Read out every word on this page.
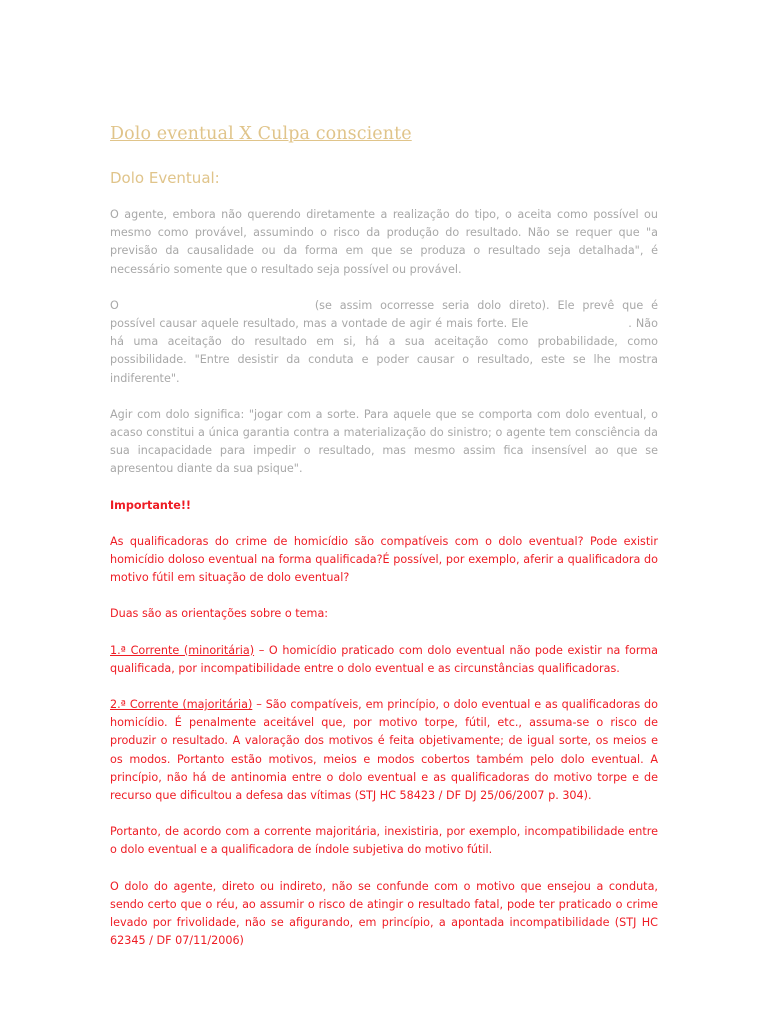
Dolo eventual X Culpa consciente
Dolo Eventual:

O agente, embora não querendo diretamente a realização do tipo, o aceita como possível ou mesmo como provável, assumindo o risco da produção do resultado. Não se requer que "a previsão da causalidade ou da forma em que se produza o resultado seja detalhada", é necessário somente que o resultado seja possível ou provável.

O	(se assim ocorresse seria dolo direto). Ele prevê que é possível causar aquele resultado, mas a vontade de agir é mais forte. Ele	. Não há uma aceitação do resultado em si, há a sua aceitação como probabilidade, como possibilidade. "Entre desistir da conduta e poder causar o resultado, este se lhe mostra indiferente".

Agir com dolo significa: "jogar com a sorte. Para aquele que se comporta com dolo eventual, o acaso constitui a única garantia contra a materialização do sinistro; o agente tem consciência da sua incapacidade para impedir o resultado, mas mesmo assim fica insensível ao que se apresentou diante da sua psique".

Importante!!

As qualificadoras do crime de homicídio são compatíveis com o dolo eventual? Pode existir homicídio doloso eventual na forma qualificada?É possível, por exemplo, aferir a qualificadora do motivo fútil em situação de dolo eventual?

Duas são as orientações sobre o tema:

1.ª Corrente (minoritária) – O homicídio praticado com dolo eventual não pode existir na forma qualificada, por incompatibilidade entre o dolo eventual e as circunstâncias qualificadoras.

2.ª Corrente (majoritária) – São compatíveis, em princípio, o dolo eventual e as qualificadoras do homicídio. É penalmente aceitável que, por motivo torpe, fútil, etc., assuma-se o risco de produzir o resultado. A valoração dos motivos é feita objetivamente; de igual sorte, os meios e os modos. Portanto estão motivos, meios e modos cobertos também pelo dolo eventual. A princípio, não há de antinomia entre o dolo eventual e as qualificadoras do motivo torpe e de recurso que dificultou a defesa das vítimas (STJ HC 58423 / DF DJ 25/06/2007 p. 304).

Portanto, de acordo com a corrente majoritária, inexistiria, por exemplo, incompatibilidade entre o dolo eventual e a qualificadora de índole subjetiva do motivo fútil.

O dolo do agente, direto ou indireto, não se confunde com o motivo que ensejou a conduta, sendo certo que o réu, ao assumir o risco de atingir o resultado fatal, pode ter praticado o crime levado por frivolidade, não se afigurando, em princípio, a apontada incompatibilidade (STJ HC 62345 / DF 07/11/2006)
